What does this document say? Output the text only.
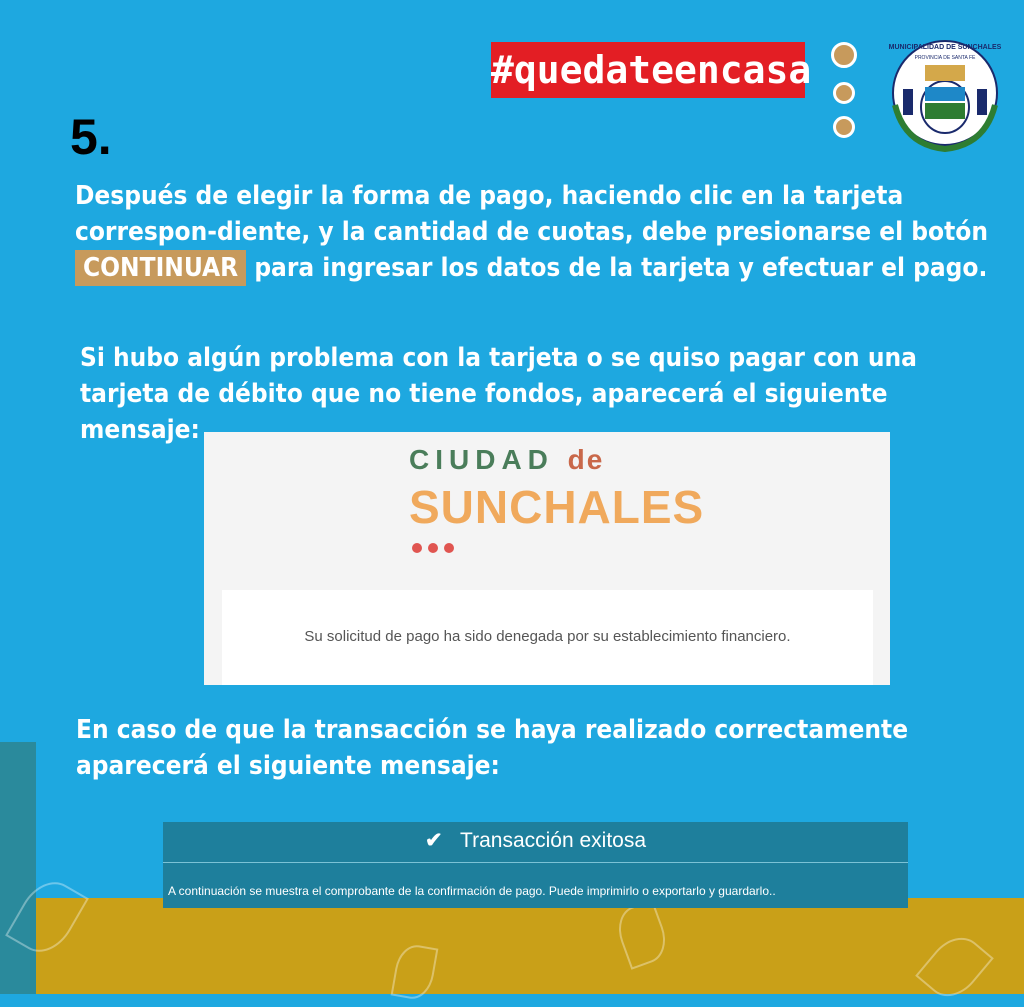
#quedateencasa
MUNICIPALIDAD DE SUNCHALES
PROVINCIA DE SANTA FE
5.
Después de elegir la forma de pago, haciendo clic en la tarjeta correspon-diente, y la cantidad de cuotas, debe presionarse el botón CONTINUAR para ingresar los datos de la tarjeta y efectuar el pago.
Si hubo algún problema con la tarjeta o se quiso pagar con una tarjeta de débito que no tiene fondos, aparecerá el siguiente mensaje:
CIUDAD de
SUNCHALES
Su solicitud de pago ha sido denegada por su establecimiento financiero.
En caso de que la transacción se haya realizado correctamente aparecerá el siguiente mensaje:
✔ Transacción exitosa
A continuación se muestra el comprobante de la confirmación de pago. Puede imprimirlo o exportarlo y guardarlo..
